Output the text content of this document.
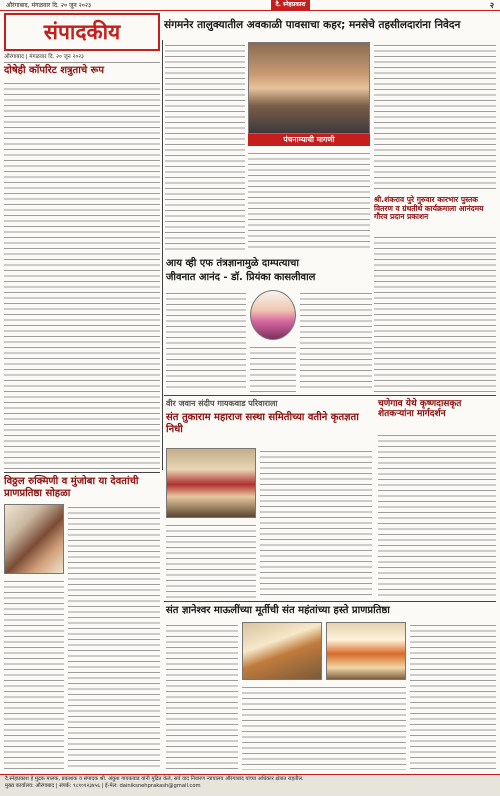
औरंगाबाद, मंगळवार दि. २० जून २०२३	दै. स्नेहप्रकाश	२
संपादकीय	संगमनेर तालुक्यातील अवकाळी पावसाचा कहर; मनसेचे तहसीलदारांना निवेदन
औरंगाबाद | मंगळवार दि. २० जून २०२३
दोषेही कॉपरिट शत्रुताचे रूप
पंचनाम्याची मागणी
श्री.शंकराव पुरे गुरुवार कारभार पुस्तक वितरण व ग्रंथतीर्थ कार्यक्रमाला आनंदमय गौरव प्रदान प्रकाशन
आय व्ही एफ तंत्रज्ञानामुळे दाम्पत्याचा
जीवनात आनंद - डॉ. प्रियंका कासलीवाल
वीर जवान संदीप गायकवाड परिवाराला
संत तुकाराम महाराज सस्था समितीच्या वतीने कृतज्ञता निधी
चणेगाव येथे कृष्णदासकृत शेतकऱ्यांना मार्गदर्शन
विठ्ठल रुक्मिणी व मुंजोबा या देवतांची प्राणप्रतिष्ठा सोहळा
संत ज्ञानेश्वर माऊलींच्या मूर्तीची संत महंतांच्या हस्ते प्राणप्रतिष्ठा
दै.स्नेहप्रकाश हे मुद्रक मालक, प्रकाशक व संपादक श्री. अंकुश गायकवाड यांनी मुद्रित केले, सर्व वाद निवारण न्यायालय औरंगाबाद यांच्या अधिकार क्षेत्रात राहतील.
मुख्य कार्यालय: औरंगाबाद | संपर्क: ९८९०१२३४५६ | ई-मेल: dainiksnehprakash@gmail.com
